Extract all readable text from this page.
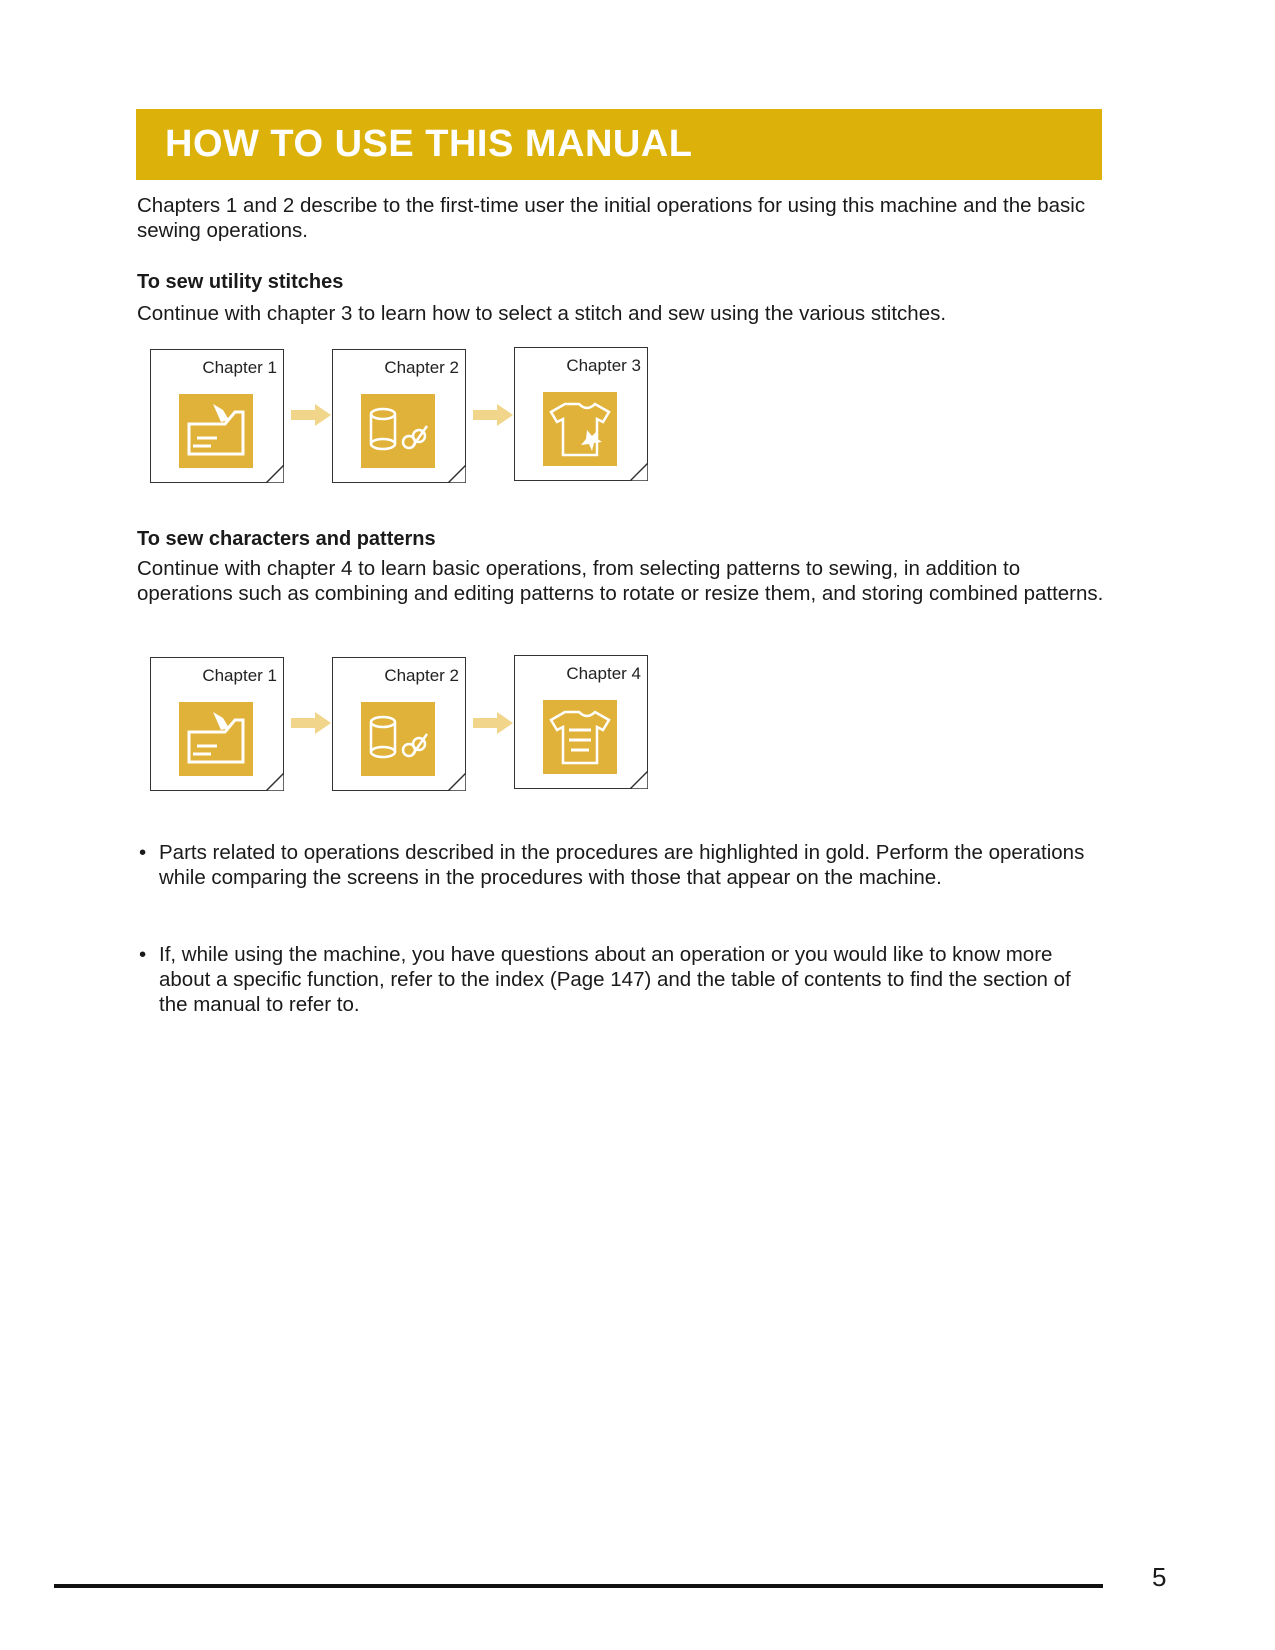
HOW TO USE THIS MANUAL
Chapters 1 and 2 describe to the first-time user the initial operations for using this machine and the basic sewing operations.
To sew utility stitches
Continue with chapter 3 to learn how to select a stitch and sew using the various stitches.
Chapter 1	Chapter 2	Chapter 3
To sew characters and patterns
Continue with chapter 4 to learn basic operations, from selecting patterns to sewing, in addition to operations such as combining and editing patterns to rotate or resize them, and storing combined patterns.
Chapter 1	Chapter 2	Chapter 4
• Parts related to operations described in the procedures are highlighted in gold. Perform the operations while comparing the screens in the procedures with those that appear on the machine.
• If, while using the machine, you have questions about an operation or you would like to know more about a specific function, refer to the index (Page 147) and the table of contents to find the section of the manual to refer to.
5
